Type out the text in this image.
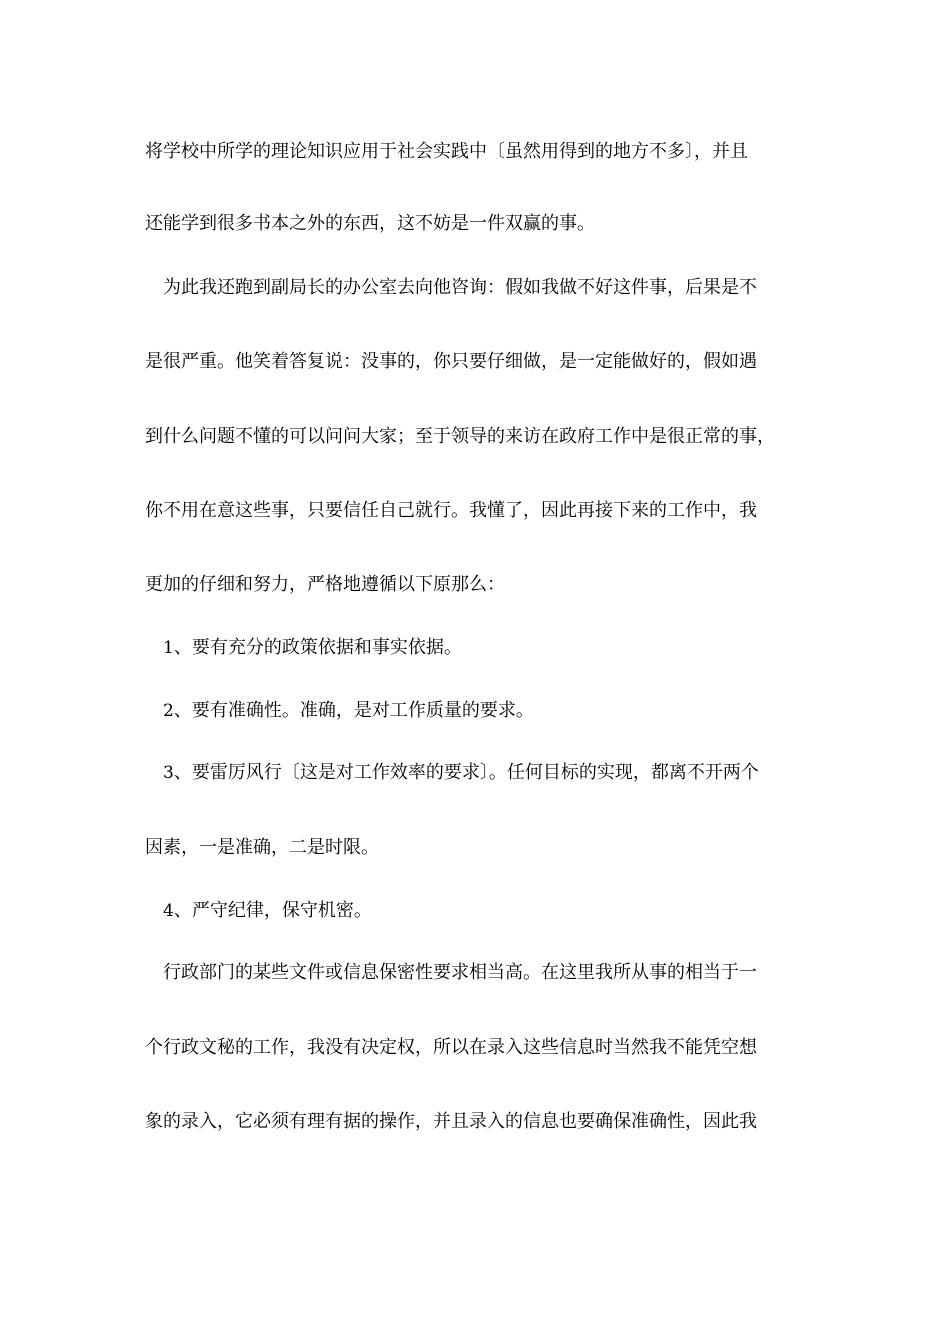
将学校中所学的理论知识应用于社会实践中〔虽然用得到的地方不多〕，并且
还能学到很多书本之外的东西，这不妨是一件双赢的事。
为此我还跑到副局长的办公室去向他咨询：假如我做不好这件事，后果是不
是很严重。他笑着答复说：没事的，你只要仔细做，是一定能做好的，假如遇
到什么问题不懂的可以问问大家；至于领导的来访在政府工作中是很正常的事，
你不用在意这些事，只要信任自己就行。我懂了，因此再接下来的工作中，我
更加的仔细和努力，严格地遵循以下原那么：
1、要有充分的政策依据和事实依据。
2、要有准确性。准确，是对工作质量的要求。
3、要雷厉风行〔这是对工作效率的要求〕。任何目标的实现，都离不开两个
因素，一是准确，二是时限。
4、严守纪律，保守机密。
行政部门的某些文件或信息保密性要求相当高。在这里我所从事的相当于一
个行政文秘的工作，我没有决定权，所以在录入这些信息时当然我不能凭空想
象的录入，它必须有理有据的操作，并且录入的信息也要确保准确性，因此我
